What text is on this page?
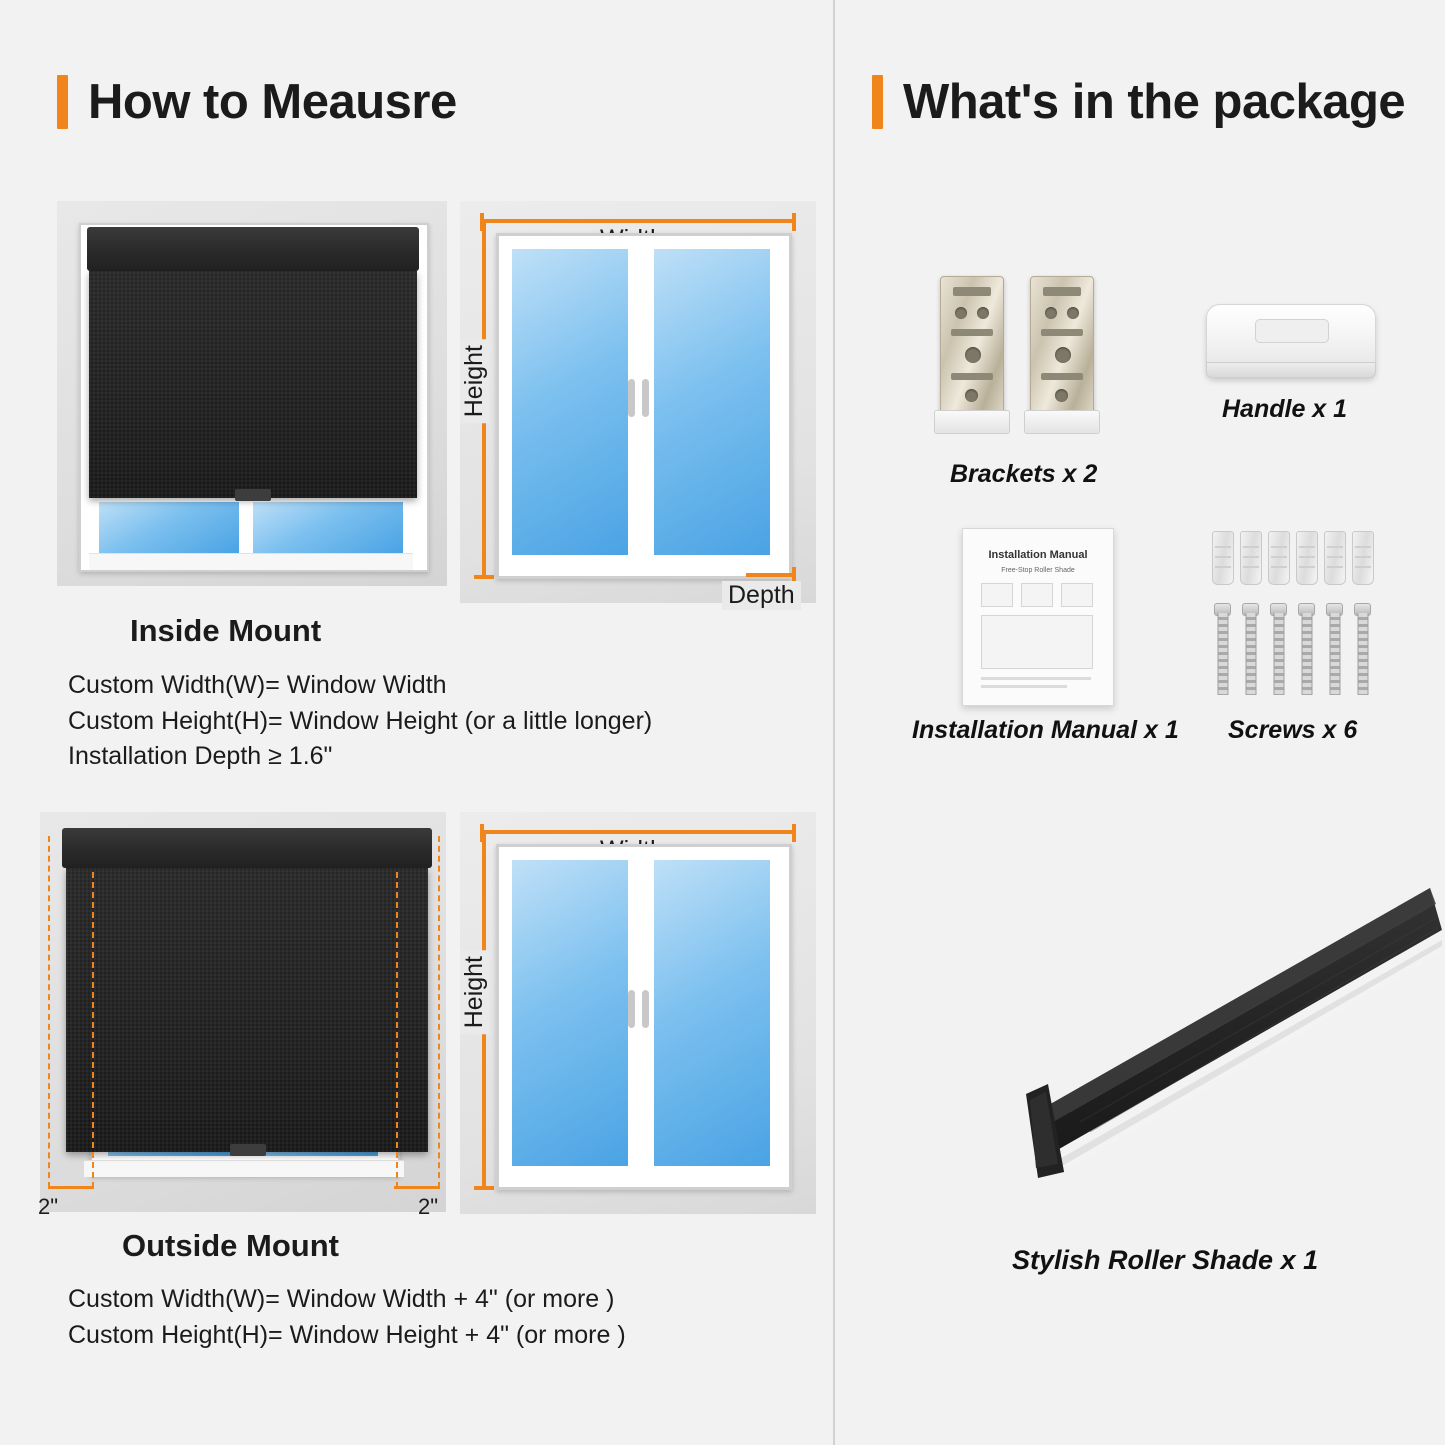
How to Meausre	What's in the package
Height
Depth
Inside Mount
Custom Width(W)= Window Width
Custom Height(H)= Window Height (or a little longer)
Installation Depth ≥ 1.6"
2"	2"
Height
Outside Mount
Custom Width(W)= Window Width + 4" (or more )
Custom Height(H)= Window Height + 4" (or more )
Brackets x 2
Handle x 1
Installation Manual
Free-Stop Roller Shade
Installation Manual x 1 Screws x 6
Stylish Roller Shade x 1
